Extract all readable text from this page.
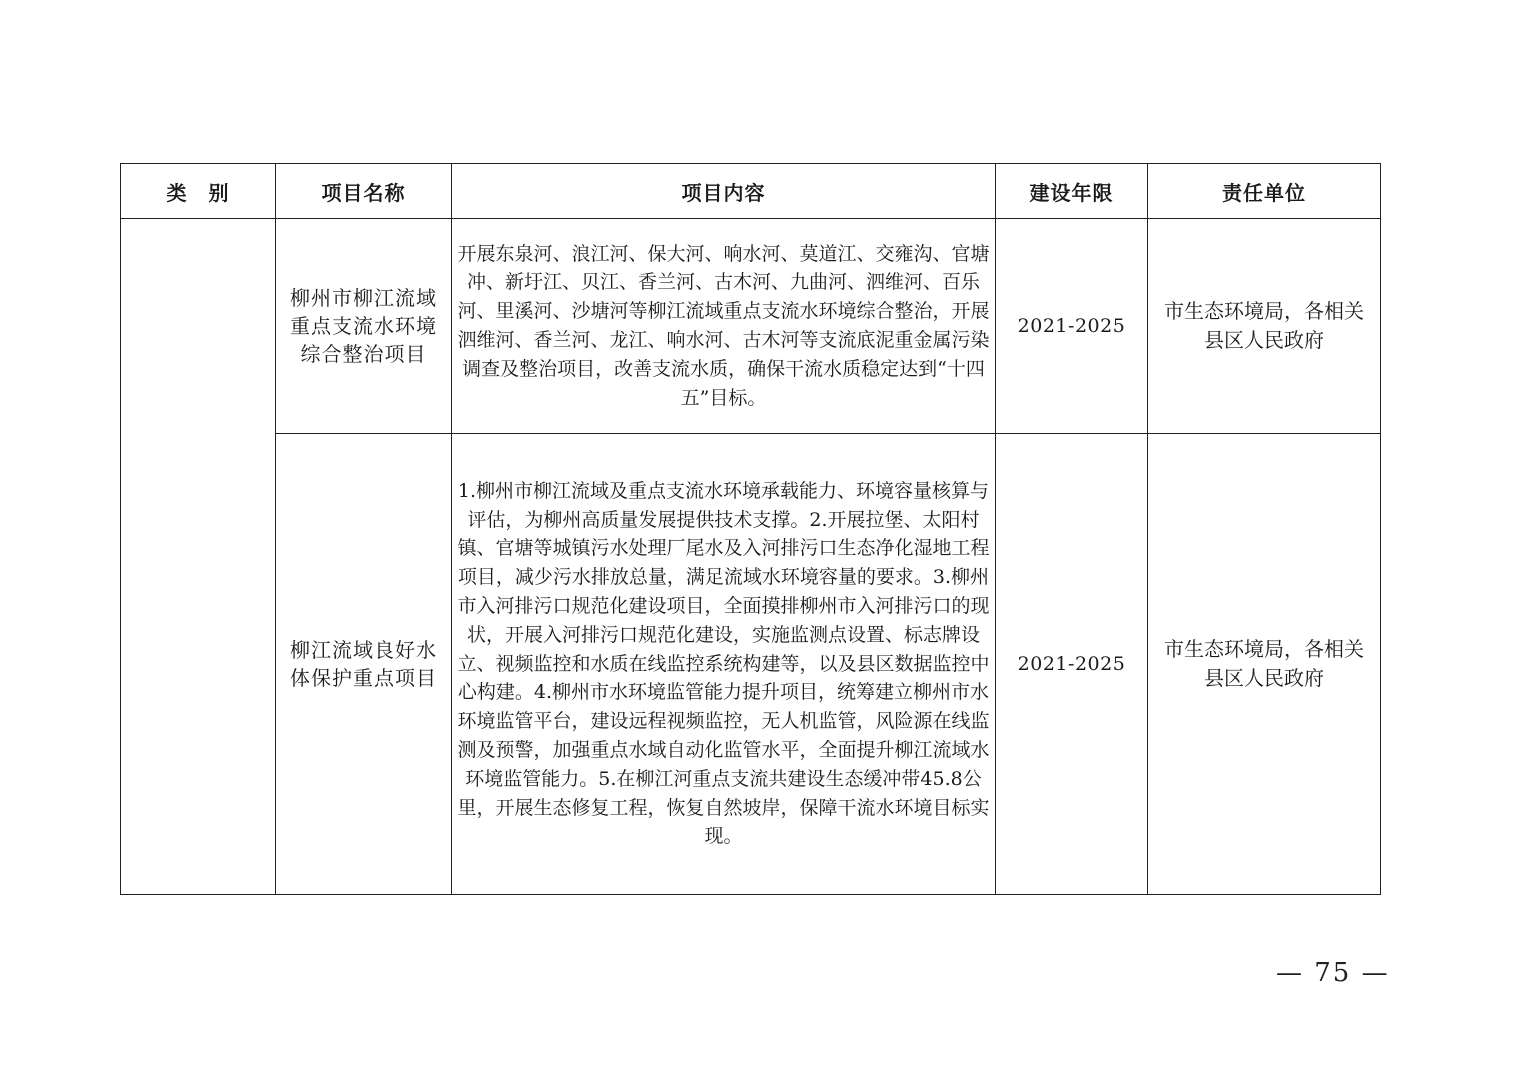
类　别	项目名称	项目内容	建设年限	责任单位

	柳州市柳江流域
重点支流水环境
综合整治项目	开展东泉河、浪江河、保大河、响水河、莫道江、交雍沟、官塘冲、新圩江、贝江、香兰河、古木河、九曲河、泗维河、百乐河、里溪河、沙塘河等柳江流域重点支流水环境综合整治，开展泗维河、香兰河、龙江、响水河、古木河等支流底泥重金属污染调查及整治项目，改善支流水质，确保干流水质稳定达到“十四五”目标。	2021-2025	市生态环境局，各相关
县区人民政府

	柳江流域良好水
体保护重点项目	1.柳州市柳江流域及重点支流水环境承载能力、环境容量核算与评估，为柳州高质量发展提供技术支撑。2.开展拉堡、太阳村镇、官塘等城镇污水处理厂尾水及入河排污口生态净化湿地工程项目，减少污水排放总量，满足流域水环境容量的要求。3.柳州市入河排污口规范化建设项目，全面摸排柳州市入河排污口的现状，开展入河排污口规范化建设，实施监测点设置、标志牌设立、视频监控和水质在线监控系统构建等，以及县区数据监控中心构建。4.柳州市水环境监管能力提升项目，统筹建立柳州市水环境监管平台，建设远程视频监控，无人机监管，风险源在线监测及预警，加强重点水域自动化监管水平，全面提升柳江流域水环境监管能力。5.在柳江河重点支流共建设生态缓冲带45.8公里，开展生态修复工程，恢复自然坡岸，保障干流水环境目标实现。	2021-2025	市生态环境局，各相关
县区人民政府
— 75 —
